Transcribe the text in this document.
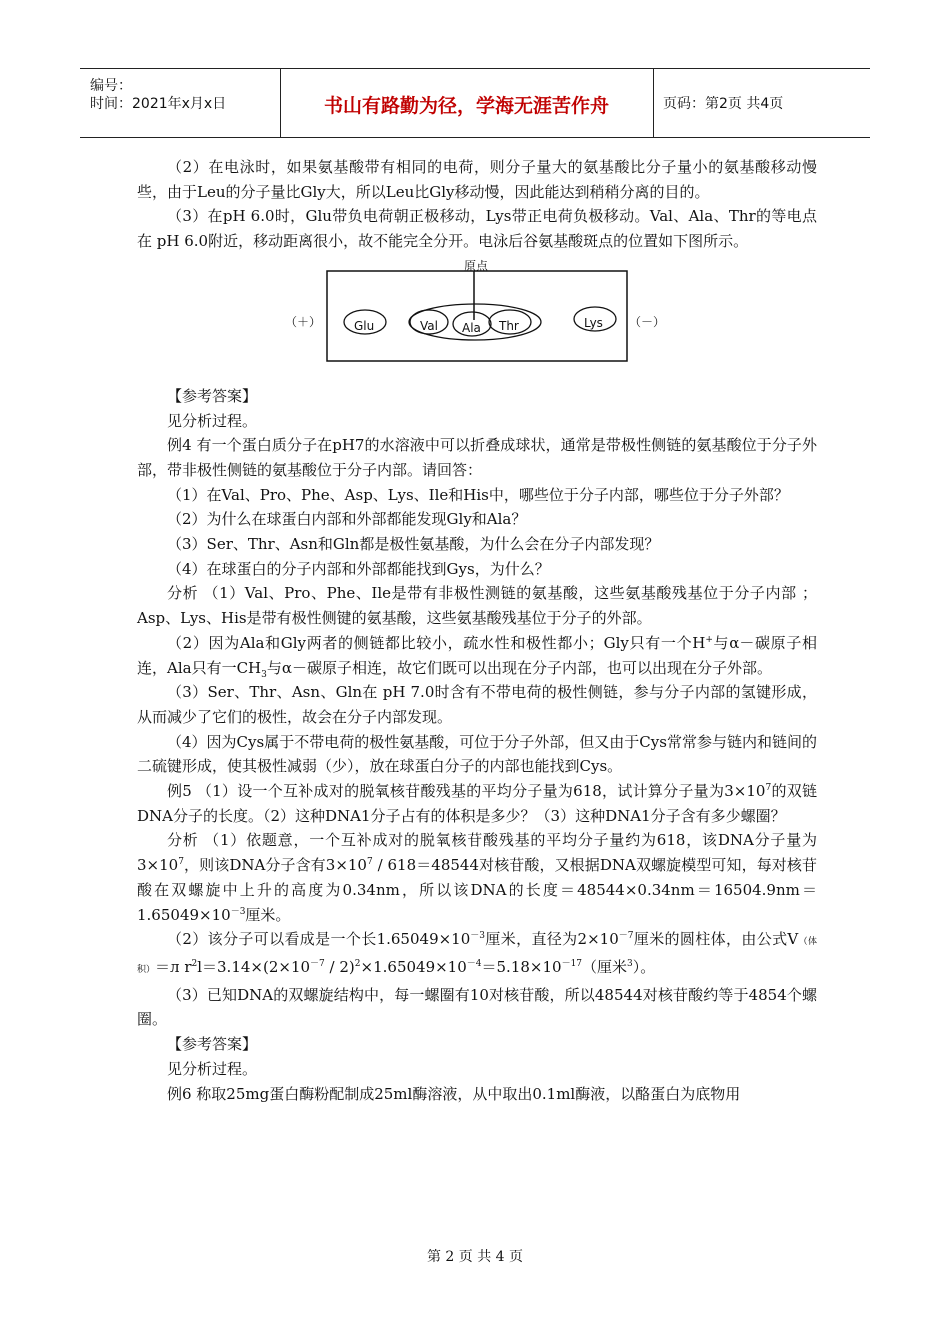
编号：
时间：2021年x月x日	书山有路勤为径，学海无涯苦作舟	页码：第2页 共4页

（2）在电泳时，如果氨基酸带有相同的电荷，则分子量大的氨基酸比分子量小的氨基酸移动慢些，由于Leu的分子量比Gly大，所以Leu比Gly移动慢，因此能达到稍稍分离的目的。

（3）在pH 6.0时，Glu带负电荷朝正极移动，Lys带正电荷负极移动。Val、Ala、Thr的等电点在 pH 6.0附近，移动距离很小，故不能完全分开。电泳后谷氨基酸斑点的位置如下图所示。

原点
（＋）	（－）
Glu	Val Ala Thr	Lys

【参考答案】

见分析过程。

例4 有一个蛋白质分子在pH7的水溶液中可以折叠成球状，通常是带极性侧链的氨基酸位于分子外部，带非极性侧链的氨基酸位于分子内部。请回答：

（1）在Val、Pro、Phe、Asp、Lys、Ile和His中，哪些位于分子内部，哪些位于分子外部？

（2）为什么在球蛋白内部和外部都能发现Gly和Ala？

（3）Ser、Thr、Asn和Gln都是极性氨基酸，为什么会在分子内部发现？

（4）在球蛋白的分子内部和外部都能找到Gys，为什么？

分析 （1）Val、Pro、Phe、Ile是带有非极性测链的氨基酸，这些氨基酸残基位于分子内部 ；Asp、Lys、His是带有极性侧键的氨基酸，这些氨基酸残基位于分子的外部。

（2）因为Ala和Gly两者的侧链都比较小，疏水性和极性都小；Gly只有一个H+与α－碳原子相连，Ala只有一$CH_3$与α－碳原子相连，故它们既可以出现在分子内部，也可以出现在分子外部。

（3）Ser、Thr、Asn、Gln在 pH 7.0时含有不带电荷的极性侧链，参与分子内部的氢键形成，从而减少了它们的极性，故会在分子内部发现。

（4）因为Cys属于不带电荷的极性氨基酸，可位于分子外部，但又由于Cys常常参与链内和链间的二硫键形成，使其极性减弱（少），放在球蛋白分子的内部也能找到Cys。

例5 （1）设一个互补成对的脱氧核苷酸残基的平均分子量为618，试计算分子量为$3\times 10^7$的双链DNA分子的长度。（2）这种DNA1分子占有的体积是多少？（3）这种DNA1分子含有多少螺圈？

分析 （1）依题意，一个互补成对的脱氧核苷酸残基的平均分子量约为618，该DNA分子量为$3\times 10^7$，则该DNA分子含有$3\times 10^7 / 618=48544$对核苷酸，又根据DNA双螺旋模型可知，每对核苷酸在双螺旋中上升的高度为0.34nm，所以该DNA的长度$=48544\times 0.34nm=16504.9nm=1.65049\times 10^{-3}$厘米。

（2）该分子可以看成是一个长$1.65049\times 10^{-3}$厘米，直径为$2\times 10^{-7}$厘米的圆柱体，由公式V（体积）＝л $r^2l=3.14\times(2\times 10^{-7} / 2)^2\times 1.65049\times 10^{-4}=5.18\times 10^{-17}$（厘米$^3$）。

（3）已知DNA的双螺旋结构中，每一螺圈有10对核苷酸，所以48544对核苷酸约等于4854个螺圈。

【参考答案】

见分析过程。

例6 称取25mg蛋白酶粉配制成25ml酶溶液，从中取出0.1ml酶液，以酪蛋白为底物用

第 2 页 共 4 页
